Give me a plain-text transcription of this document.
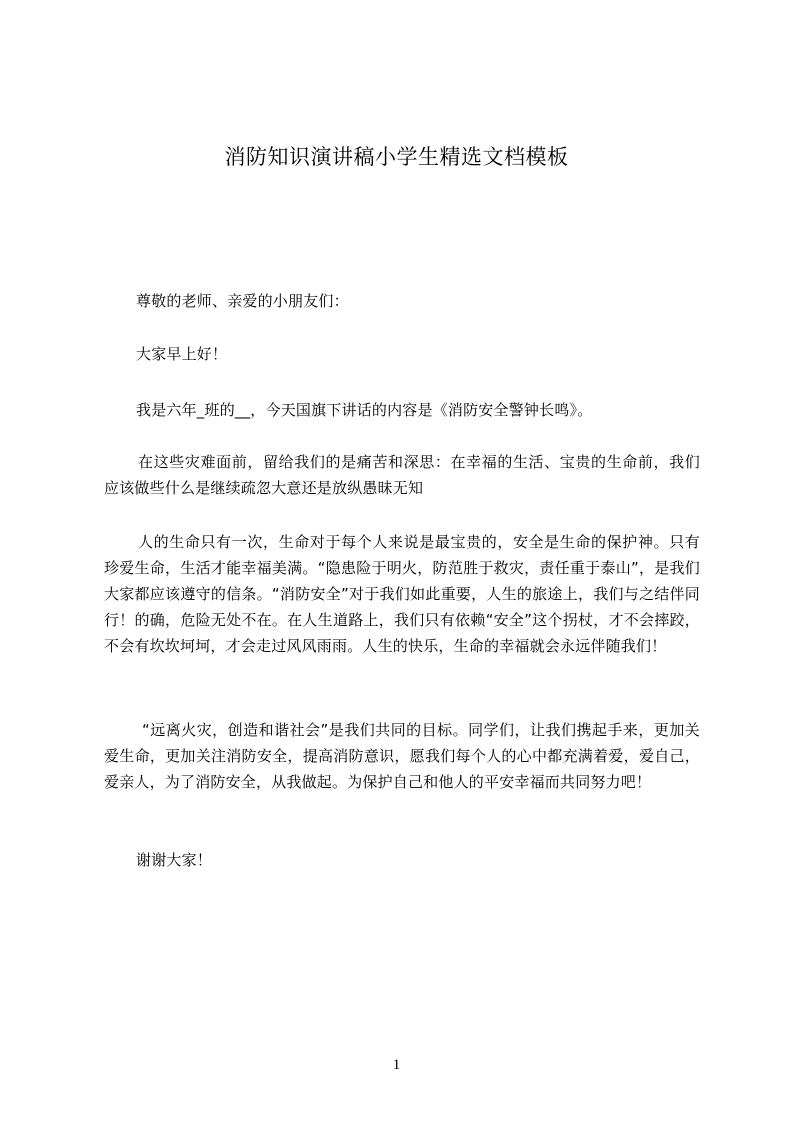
消防知识演讲稿小学生精选文档模板
尊敬的老师、亲爱的小朋友们：
大家早上好！
我是六年_班的__，今天国旗下讲话的内容是《消防安全警钟长鸣》。
在这些灾难面前，留给我们的是痛苦和深思：在幸福的生活、宝贵的生命前，我们应该做些什么是继续疏忽大意还是放纵愚昧无知
人的生命只有一次，生命对于每个人来说是最宝贵的，安全是生命的保护神。只有珍爱生命，生活才能幸福美满。“隐患险于明火，防范胜于救灾，责任重于泰山”，是我们大家都应该遵守的信条。“消防安全”对于我们如此重要，人生的旅途上，我们与之结伴同行！的确，危险无处不在。在人生道路上，我们只有依赖“安全”这个拐杖，才不会摔跤，不会有坎坎坷坷，才会走过风风雨雨。人生的快乐，生命的幸福就会永远伴随我们！
“远离火灾，创造和谐社会”是我们共同的目标。同学们，让我们携起手来，更加关爱生命，更加关注消防安全，提高消防意识，愿我们每个人的心中都充满着爱，爱自己，爱亲人，为了消防安全，从我做起。为保护自己和他人的平安幸福而共同努力吧！
谢谢大家！
1
